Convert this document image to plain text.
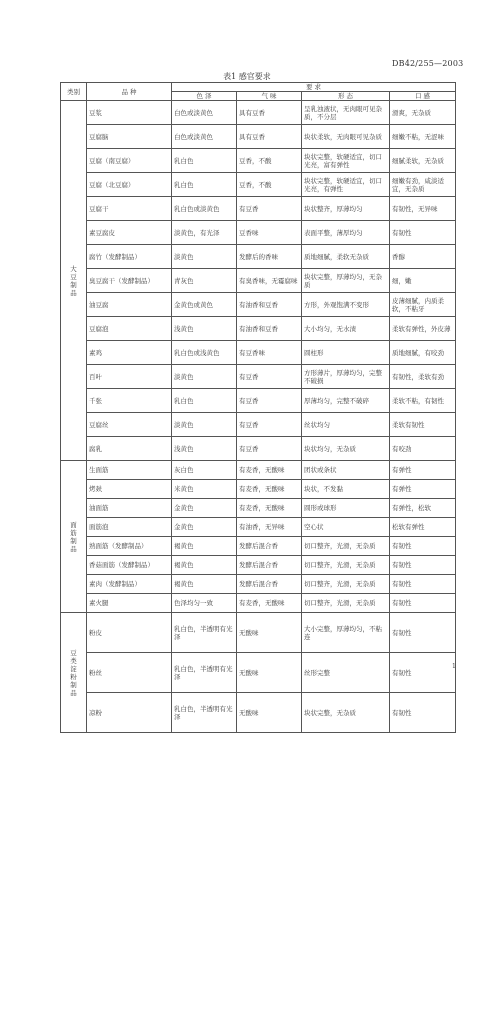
DB42/255—2003
表1 感官要求
类别	品 种	要 求			
		色 泽	气 味	形 态	口 感

大豆制品	豆浆	白色或淡黄色	具有豆香	呈乳浊液状，无肉眼可见杂质，不分层	滑爽，无杂质
	豆腐脑	白色或淡黄色	具有豆香	块状柔软，无肉眼可见杂质	细嫩不粘，无涩味
	豆腐（南豆腐）	乳白色	豆香，不酸	块状完整，软硬适宜，切口光亮，富有弹性	细腻柔软，无杂质
	豆腐（北豆腐）	乳白色	豆香，不酸	块状完整，软硬适宜，切口光亮，有弹性	细嫩有劲，咸淡适宜，无杂质
	豆腐干	乳白色或淡黄色	有豆香	块状整齐，厚薄均匀	有韧性，无异味
	素豆腐皮	淡黄色，有光泽	豆香味	表面平整，薄厚均匀	有韧性
	腐竹（发酵制品）	淡黄色	发酵后的香味	质地细腻，柔软无杂质	香醇
	臭豆腐干（发酵制品）	青灰色	有臭香味，无霉腐味	块状完整，厚薄均匀，无杂质	细，嫩
	油豆腐	金黄色或黄色	有油香和豆香	方形，外观饱满不变形	皮薄细腻，内质柔软，不粘牙
	豆腐泡	浅黄色	有油香和豆香	大小均匀，无水渍	柔软有弹性，外皮薄
	素鸡	乳白色或浅黄色	有豆香味	圆柱形	质地细腻，有咬劲
	百叶	淡黄色	有豆香	方形薄片，厚薄均匀，完整不破损	有韧性，柔软有劲
	千张	乳白色	有豆香	厚薄均匀，完整不破碎	柔软不粘，有韧性
	豆腐丝	淡黄色	有豆香	丝状均匀	柔软有韧性
	腐乳	浅黄色	有豆香	块状均匀，无杂质	有咬劲

面筋制品	生面筋	灰白色	有麦香，无酸味	团状或条状	有弹性
	烤麸	米黄色	有麦香，无酸味	块状，不发黏	有弹性
	油面筋	金黄色	有麦香，无酸味	圆形或球形	有弹性，松软
	面筋泡	金黄色	有油香，无异味	空心状	松软有弹性
	熟面筋（发酵制品）	褐黄色	发酵后混合香	切口整齐，光滑，无杂质	有韧性
	香菇面筋（发酵制品）	褐黄色	发酵后混合香	切口整齐，光滑，无杂质	有韧性
	素肉（发酵制品）	褐黄色	发酵后混合香	切口整齐，光滑，无杂质	有韧性
	素火腿	色泽均匀一致	有麦香，无酸味	切口整齐，光滑，无杂质	有韧性

豆类淀粉制品	粉皮	乳白色，半透明有光泽	无酸味	大小完整，厚薄均匀，不粘连	有韧性
	粉丝	乳白色，半透明有光泽	无酸味	丝形完整	有韧性
	凉粉	乳白色，半透明有光泽	无酸味	块状完整，无杂质	有韧性
1
